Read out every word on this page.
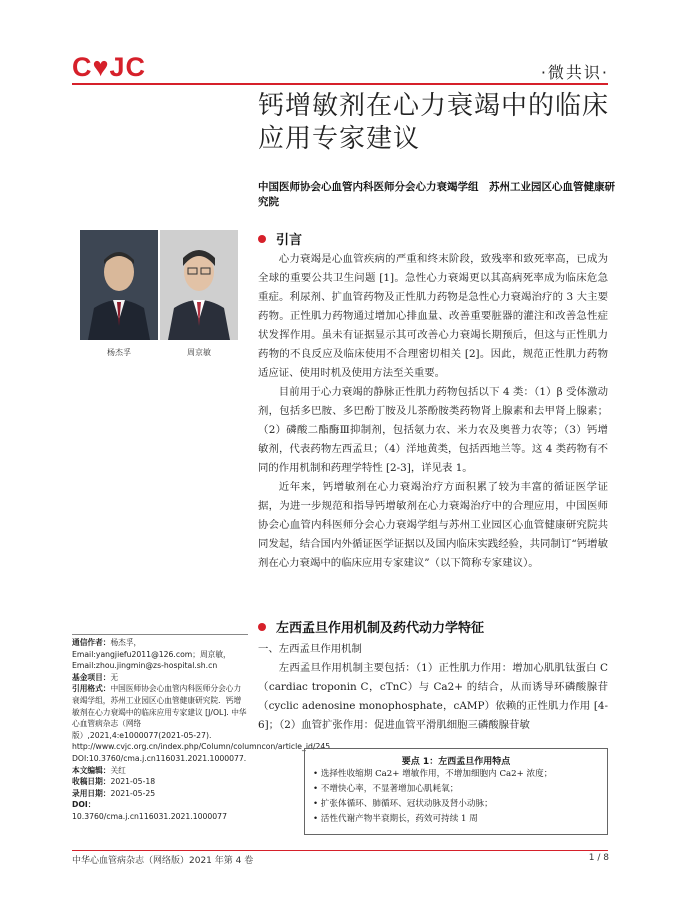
C♥JC	·微共识·
钙增敏剂在心力衰竭中的临床
应用专家建议
中国医师协会心血管内科医师分会心力衰竭学组　苏州工业园区心血管健康研究院
杨杰孚	周京敏
引言

心力衰竭是心血管疾病的严重和终末阶段，致残率和致死率高，已成为全球的重要公共卫生问题 [1]。急性心力衰竭更以其高病死率成为临床危急重症。利尿剂、扩血管药物及正性肌力药物是急性心力衰竭治疗的 3 大主要药物。正性肌力药物通过增加心排血量、改善重要脏器的灌注和改善急性症状发挥作用。虽未有证据显示其可改善心力衰竭长期预后，但这与正性肌力药物的不良反应及临床使用不合理密切相关 [2]。因此，规范正性肌力药物适应证、使用时机及使用方法至关重要。

目前用于心力衰竭的静脉正性肌力药物包括以下 4 类：（1）β 受体激动剂，包括多巴胺、多巴酚丁胺及儿茶酚胺类药物肾上腺素和去甲肾上腺素；（2）磷酸二酯酶Ⅲ抑制剂，包括氨力农、米力农及奥普力农等；（3）钙增敏剂，代表药物左西孟旦；（4）洋地黄类，包括西地兰等。这 4 类药物有不同的作用机制和药理学特性 [2-3]，详见表 1。

近年来，钙增敏剂在心力衰竭治疗方面积累了较为丰富的循证医学证据，为进一步规范和指导钙增敏剂在心力衰竭治疗中的合理应用，中国医师协会心血管内科医师分会心力衰竭学组与苏州工业园区心血管健康研究院共同发起，结合国内外循证医学证据以及国内临床实践经验，共同制订“钙增敏剂在心力衰竭中的临床应用专家建议”（以下简称专家建议）。

左西孟旦作用机制及药代动力学特征
一、左西孟旦作用机制

左西孟旦作用机制主要包括：（1）正性肌力作用：增加心肌肌钛蛋白 C（cardiac troponin C，cTnC）与 Ca2+ 的结合，从而诱导环磷酸腺苷（cyclic adenosine monophosphate，cAMP）依赖的正性肌力作用 [4-6]；（2）血管扩张作用：促进血管平滑肌细胞三磷酸腺苷敏

通信作者：杨杰孚，Email:yangjiefu2011@126.com；周京敏，Email:zhou.jingmin@zs-hospital.sh.cn
基金项目：无
引用格式：中国医师协会心血管内科医师分会心力衰竭学组，苏州工业园区心血管健康研究院．钙增敏剂在心力衰竭中的临床应用专家建议 [J/OL]. 中华心血管病杂志（网络版）,2021,4:e1000077(2021-05-27). http://www.cvjc.org.cn/index.php/Column/columncon/article_id/245. DOI:10.3760/cma.j.cn116031.2021.1000077.
本文编辑：关红
收稿日期：2021-05-18
录用日期：2021-05-25
DOI：10.3760/cma.j.cn116031.2021.1000077
要点 1：左西孟旦作用特点
• 选择性收缩期 Ca2+ 增敏作用，不增加细胞内 Ca2+ 浓度；
• 不增快心率，不显著增加心肌耗氧；
• 扩张体循环、肺循环、冠状动脉及肾小动脉；
• 活性代谢产物半衰期长，药效可持续 1 周
中华心血管病杂志（网络版）2021 年第 4 卷	1 / 8
